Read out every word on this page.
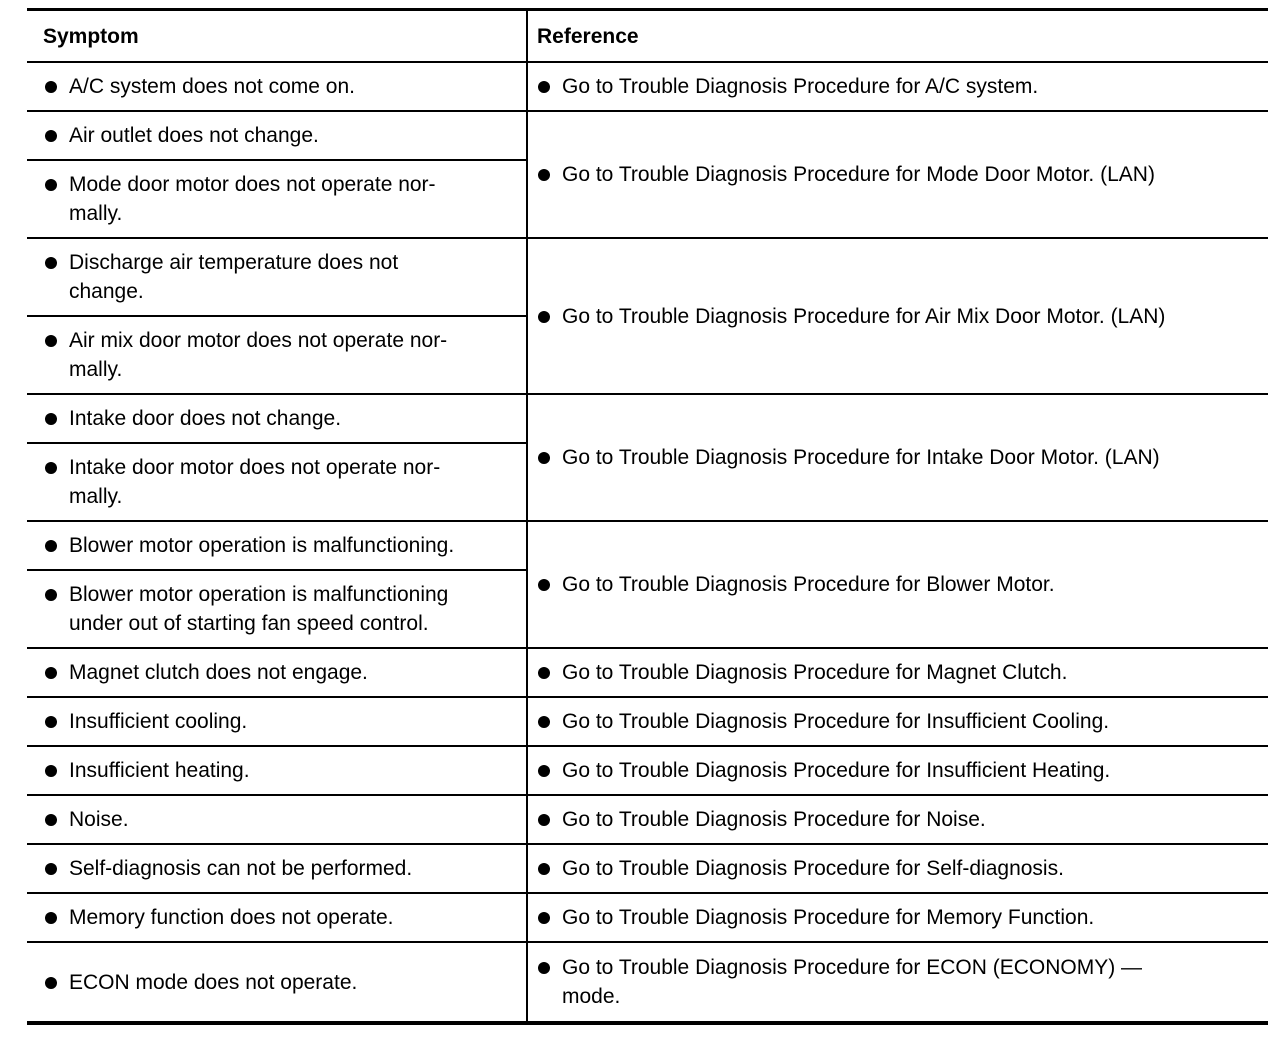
Symptom	Reference

A/C system does not come on.	Go to Trouble Diagnosis Procedure for A/C system.

Air outlet does not change.	Go to Trouble Diagnosis Procedure for Mode Door Motor. (LAN)

Mode door motor does not operate nor-
mally.	

Discharge air temperature does not
change.	Go to Trouble Diagnosis Procedure for Air Mix Door Motor. (LAN)

Air mix door motor does not operate nor-
mally.	

Intake door does not change.	Go to Trouble Diagnosis Procedure for Intake Door Motor. (LAN)

Intake door motor does not operate nor-
mally.	

Blower motor operation is malfunctioning.	Go to Trouble Diagnosis Procedure for Blower Motor.

Blower motor operation is malfunctioning
under out of starting fan speed control.	

Magnet clutch does not engage.	Go to Trouble Diagnosis Procedure for Magnet Clutch.

Insufficient cooling.	Go to Trouble Diagnosis Procedure for Insufficient Cooling.

Insufficient heating.	Go to Trouble Diagnosis Procedure for Insufficient Heating.

Noise.	Go to Trouble Diagnosis Procedure for Noise.

Self-diagnosis can not be performed.	Go to Trouble Diagnosis Procedure for Self-diagnosis.

Memory function does not operate.	Go to Trouble Diagnosis Procedure for Memory Function.

ECON mode does not operate.	Go to Trouble Diagnosis Procedure for ECON (ECONOMY) —
mode.
